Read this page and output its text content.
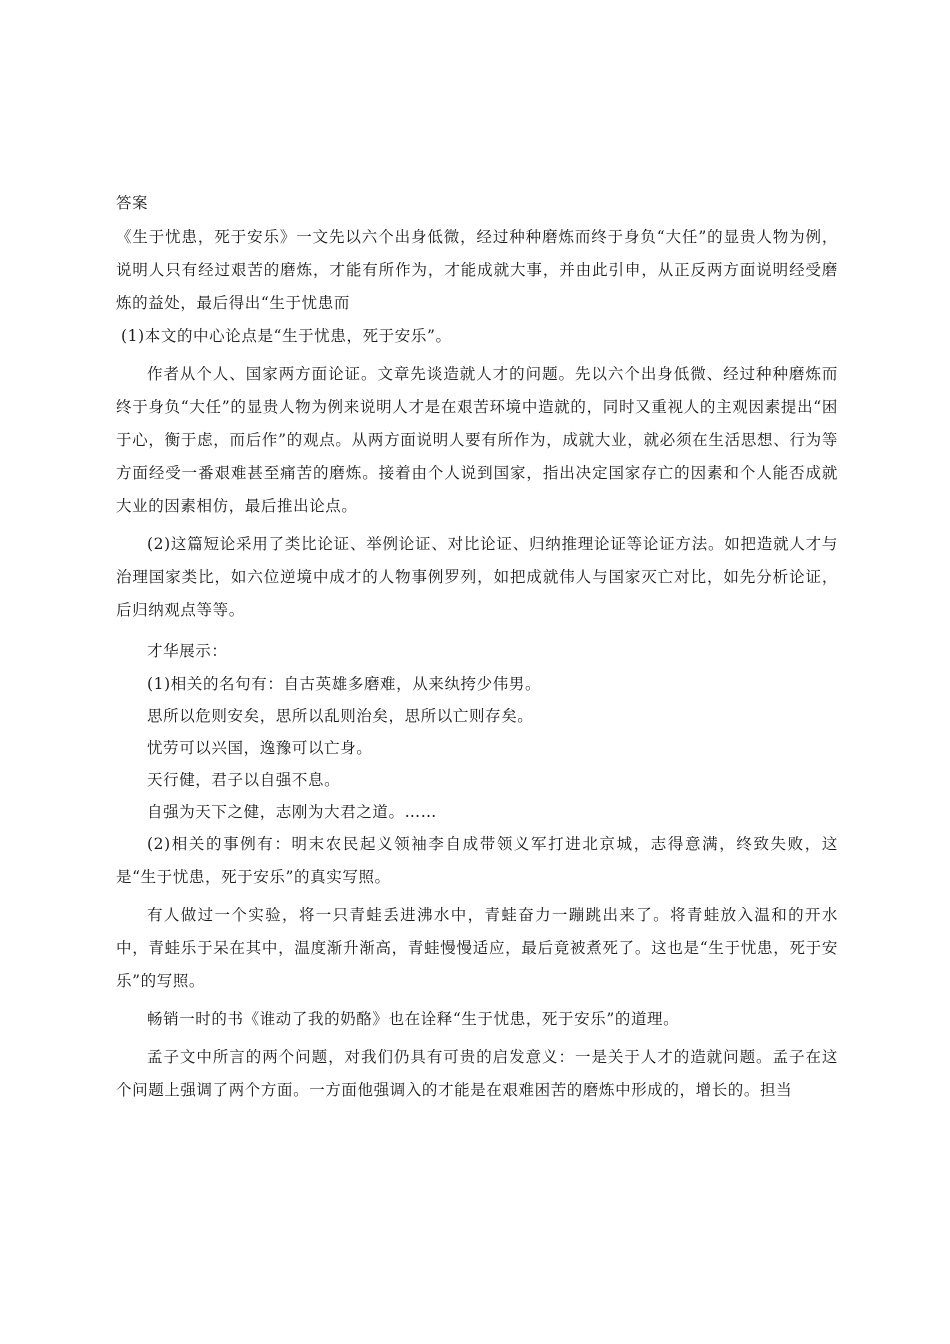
答案

《生于忧患，死于安乐》一文先以六个出身低微，经过种种磨炼而终于身负“大任”的显贵人物为例，说明人只有经过艰苦的磨炼，才能有所作为，才能成就大事，并由此引申，从正反两方面说明经受磨炼的益处，最后得出“生于忧患而

(1)本文的中心论点是“生于忧患，死于安乐”。

作者从个人、国家两方面论证。文章先谈造就人才的问题。先以六个出身低微、经过种种磨炼而终于身负“大任”的显贵人物为例来说明人才是在艰苦环境中造就的，同时又重视人的主观因素提出“困于心，衡于虑，而后作”的观点。从两方面说明人要有所作为，成就大业，就必须在生活思想、行为等方面经受一番艰难甚至痛苦的磨炼。接着由个人说到国家，指出决定国家存亡的因素和个人能否成就大业的因素相仿，最后推出论点。

(2)这篇短论采用了类比论证、举例论证、对比论证、归纳推理论证等论证方法。如把造就人才与治理国家类比，如六位逆境中成才的人物事例罗列，如把成就伟人与国家灭亡对比，如先分析论证，后归纳观点等等。

才华展示：

(1)相关的名句有：自古英雄多磨难，从来纨挎少伟男。

思所以危则安矣，思所以乱则治矣，思所以亡则存矣。

忧劳可以兴国，逸豫可以亡身。

天行健，君子以自强不息。

自强为天下之健，志刚为大君之道。……

(2)相关的事例有：明末农民起义领袖李自成带领义军打进北京城，志得意满，终致失败，这是“生于忧患，死于安乐”的真实写照。

有人做过一个实验，将一只青蛙丢进沸水中，青蛙奋力一蹦跳出来了。将青蛙放入温和的开水中，青蛙乐于呆在其中，温度渐升渐高，青蛙慢慢适应，最后竟被煮死了。这也是“生于忧患，死于安乐”的写照。

畅销一时的书《谁动了我的奶酪》也在诠释“生于忧患，死于安乐”的道理。

孟子文中所言的两个问题，对我们仍具有可贵的启发意义：一是关于人才的造就问题。孟子在这个问题上强调了两个方面。一方面他强调入的才能是在艰难困苦的磨炼中形成的，增长的。担当
